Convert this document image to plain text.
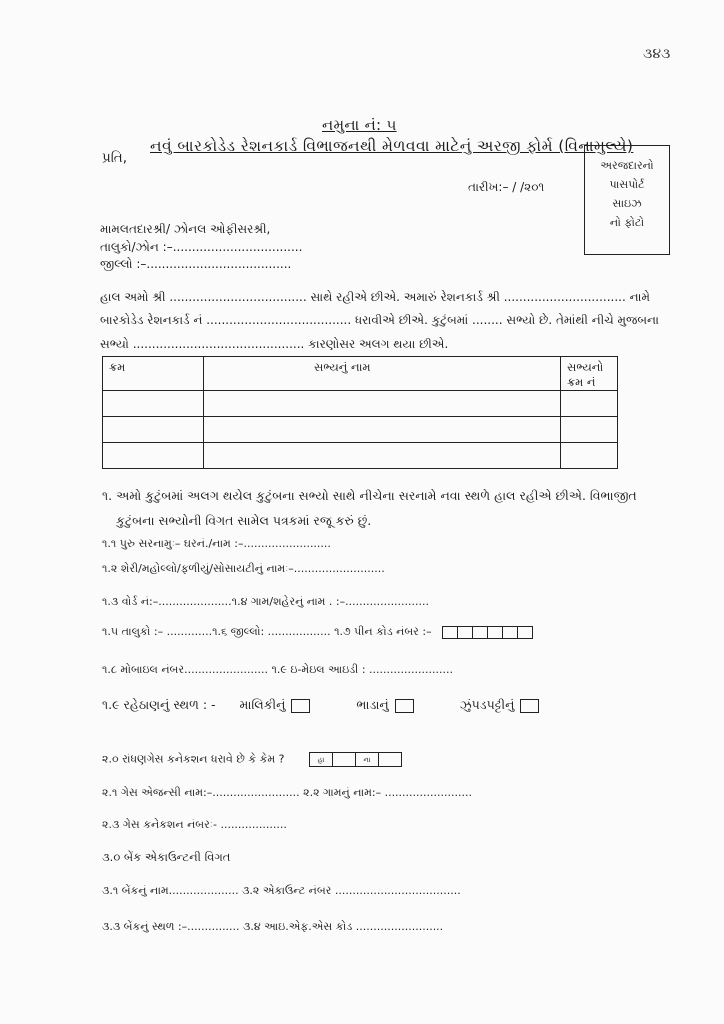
૩૪૩
નમુના નં: ૫
પ્રતિ,
નવું બારકોડેડ રેશનકાર્ડ વિભાજનથી મેળવવા માટેનું અરજી ફોર્મ (વિનામુલ્યે)
અરજદારનો
પાસપોર્ટ
સાઇઝ
નો ફોટો
તારીખ:– / /૨૦૧
મામલતદારશ્રી/ ઝોનલ ઓફીસરશ્રી,
તાલુકો/ઝોન :–..................................
જીલ્લો :–......................................
હાલ અમો શ્રી .................................... સાથે રહીએ છીએ. અમારું રેશનકાર્ડ શ્રી ................................ નામે
બારકોડેડ રેશનકાર્ડ નં ...................................... ધરાવીએ છીએ. કુટુંબમાં ........ સભ્યો છે. તેમાંથી નીચે મુજબના
સભ્યો ............................................. કારણોસર અલગ થયા છીએ.
ક્રમ	સભ્યનું નામ	સભ્યનો ક્રમ નં

૧. અમો કુટુંબમાં અલગ થયેલ કુટુંબના સભ્યો સાથે નીચેના સરનામે નવા સ્થળે હાલ રહીએ છીએ. વિભાજીત
કુટુંબના સભ્યોની વિગત સામેલ પત્રકમાં રજૂ કરું છું.
૧.૧ પુરુ સરનામુઃ– ઘરનં./નામ :–.........................
૧.૨ શેરી/મહોલ્લો/ફળીયું/સોસાયટીનું નામઃ–..........................
૧.૩ વોર્ડ નં:–.....................૧.૪ ગામ/શહેરનું નામ . :–........................
૧.૫ તાલુકો :– .............૧.૬ જીલ્લો: .................. ૧.૭ પીન કોડ નંબર :–
૧.૮ મોબાઇલ નંબર........................ ૧.૯ ઇ-મેઇલ આઇડી : ........................
૧.૯ રહેઠાણનું સ્થળ : - માલિકીનું	ભાડાનું	ઝુંપડપટ્ટીનું
૨.૦ રાંધણગેસ કનેકશન ધરાવે છે કે કેમ ?	હા	ના
૨.૧ ગેસ એજન્સી નામ:–......................... ૨.૨ ગામનું નામ:– .........................
૨.૩ ગેસ કનેકશન નંબરઃ- ...................
૩.૦ બેંક એકાઉન્ટની વિગત
૩.૧ બેંકનું નામ.................... ૩.૨ એકાઉન્ટ નંબર ....................................
૩.૩ બેંકનું સ્થળ :–............... ૩.૪ આઇ.એફ.એસ કોડ .........................
